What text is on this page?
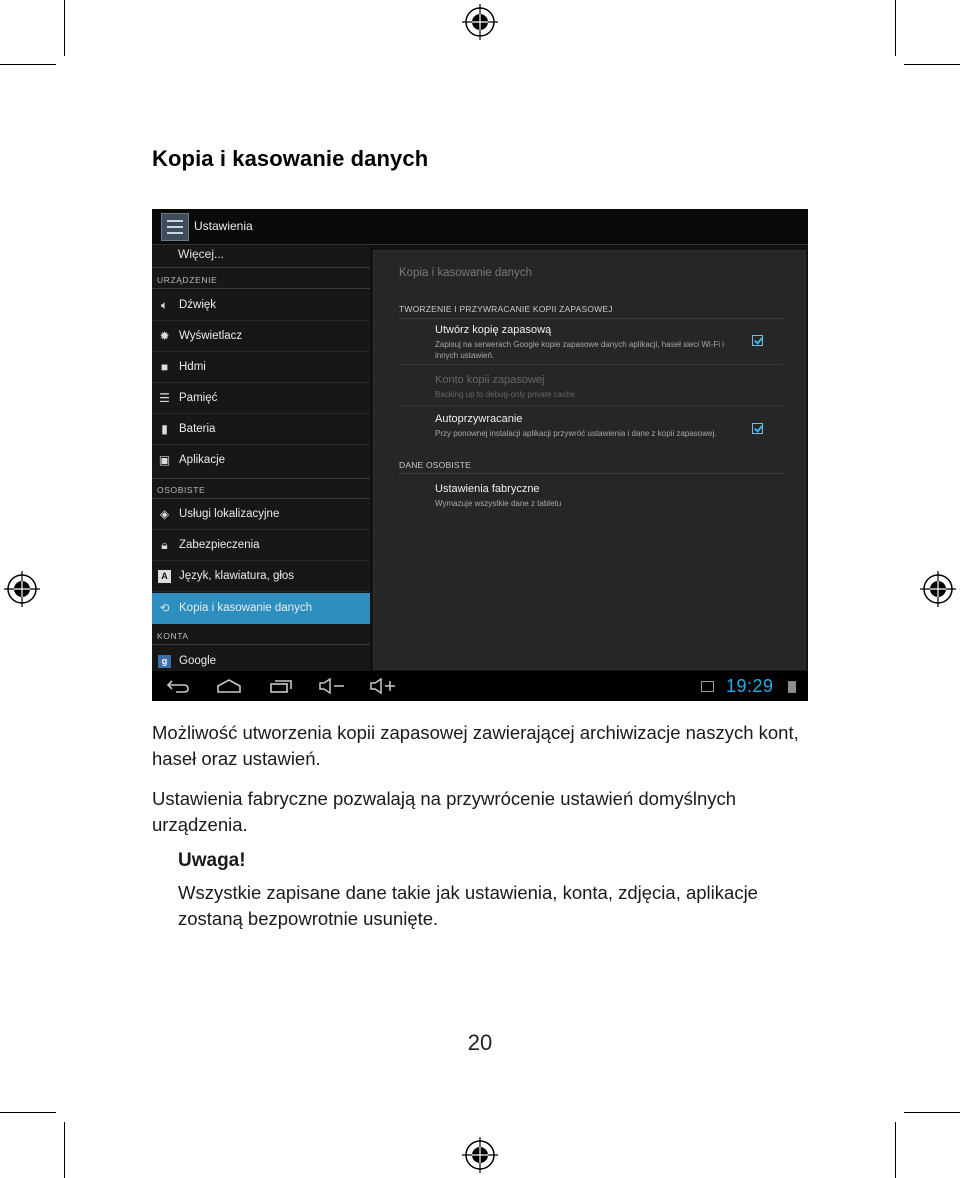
Kopia i kasowanie danych
Ustawienia
Więcej...
URZĄDZENIE
🔈︎ Dźwięk
✹ Wyświetlacz
■ Hdmi
☰ Pamięć
▮ Bateria
▣ Aplikacje
OSOBISTE
◈ Usługi lokalizacyjne
🔒︎ Zabezpieczenia
A Język, klawiatura, głos
⟲ Kopia i kasowanie danych
KONTA
g	Google
Kopia i kasowanie danych
TWORZENIE I PRZYWRACANIE KOPII ZAPASOWEJ
Utwórz kopię zapasową
Zapisuj na serwerach Google kopie zapasowe danych aplikacji, haseł sieci Wi-Fi i innych ustawień.
Konto kopii zapasowej
Backing up to debug-only private cache
Autoprzywracanie
Przy ponownej instalacji aplikacji przywróć ustawienia i dane z kopii zapasowej.
DANE OSOBISTE
Ustawienia fabryczne
Wymazuje wszystkie dane z tabletu
19:29

Możliwość utworzenia kopii zapasowej zawierającej archiwizacje naszych kont, haseł oraz ustawień.

Ustawienia fabryczne pozwalają na przywrócenie ustawień domyślnych urządzenia.

Uwaga!

Wszystkie zapisane dane takie jak ustawienia, konta, zdjęcia, aplikacje zostaną bezpowrotnie usunięte.

20
